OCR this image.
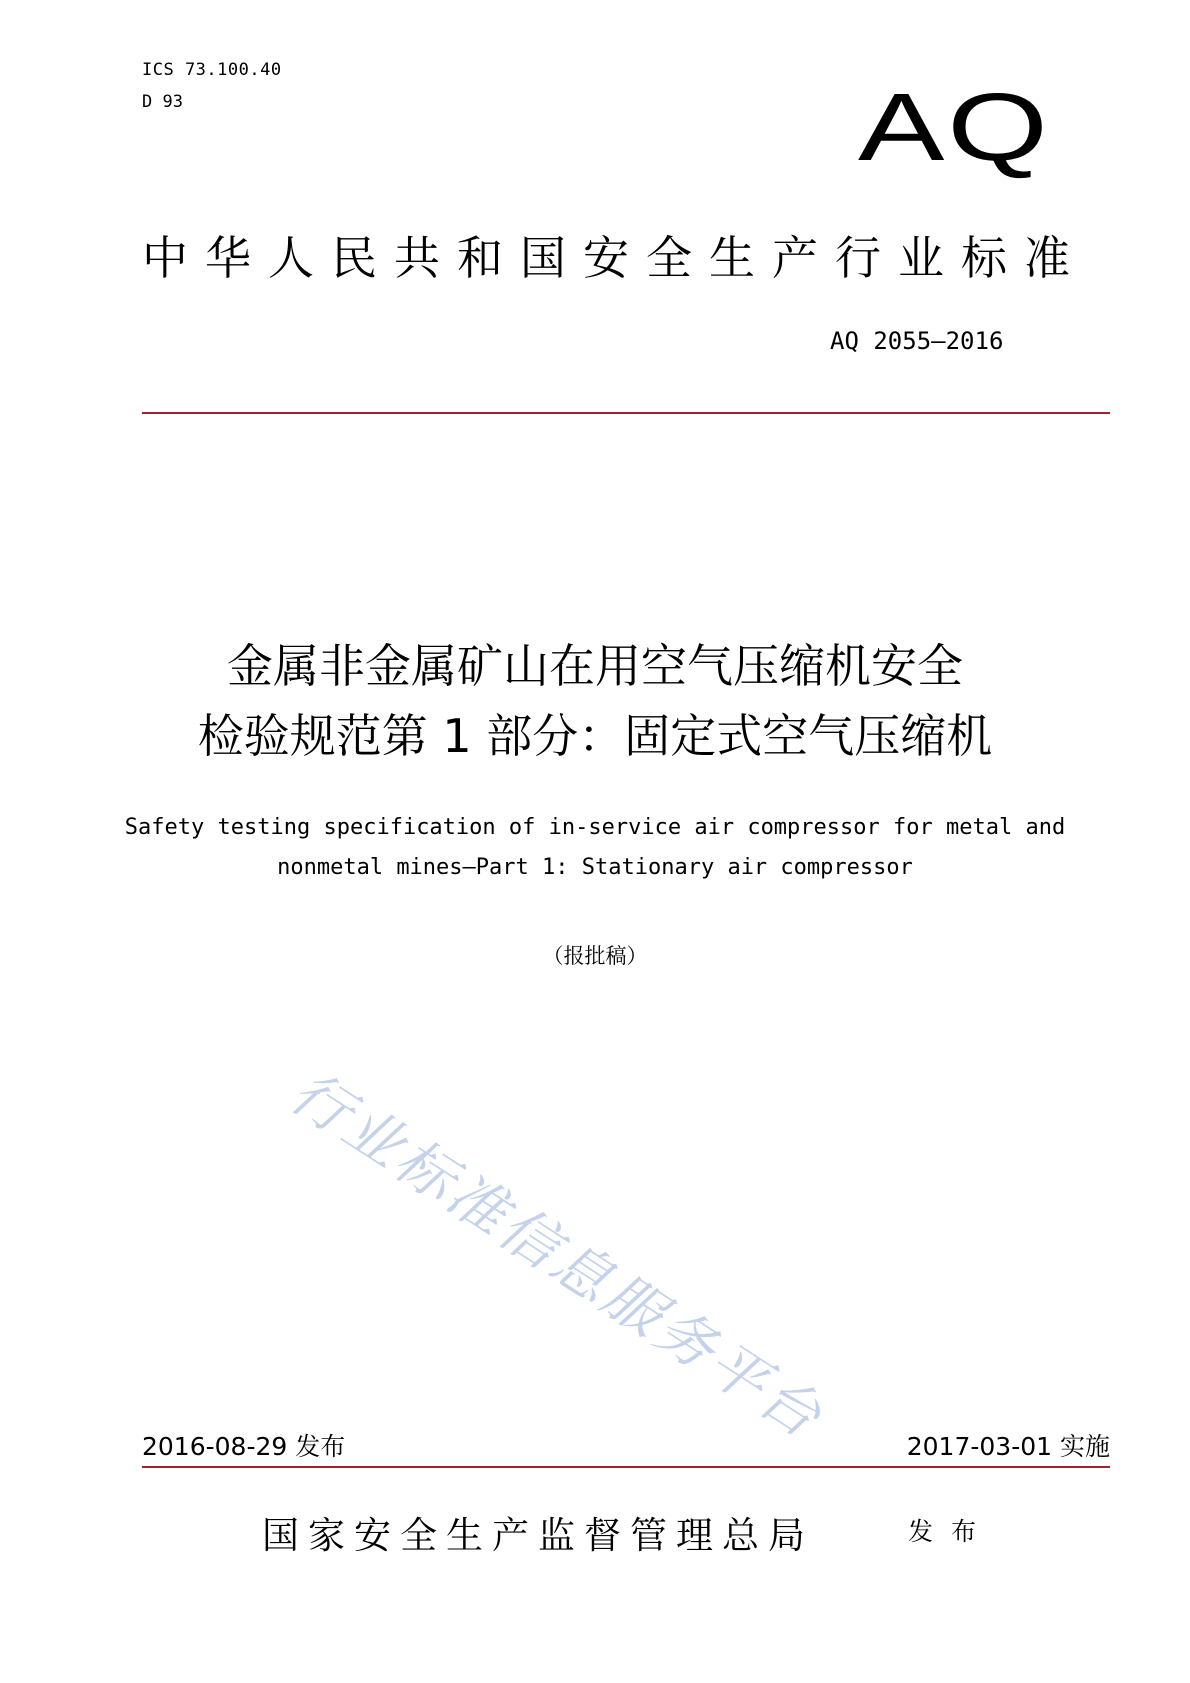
ICS 73.100.40
D 93	AQ
中华人民共和国安全生产行业标准
AQ 2055—2016
金属非金属矿山在用空气压缩机安全
检验规范第 1 部分：固定式空气压缩机
Safety testing specification of in-service air compressor for metal and
nonmetal mines—Part 1: Stationary air compressor
（报批稿）
行业标准信息服务平台
2016-08-29 发布	2017-03-01 实施
国家安全生产监督管理总局	发布
